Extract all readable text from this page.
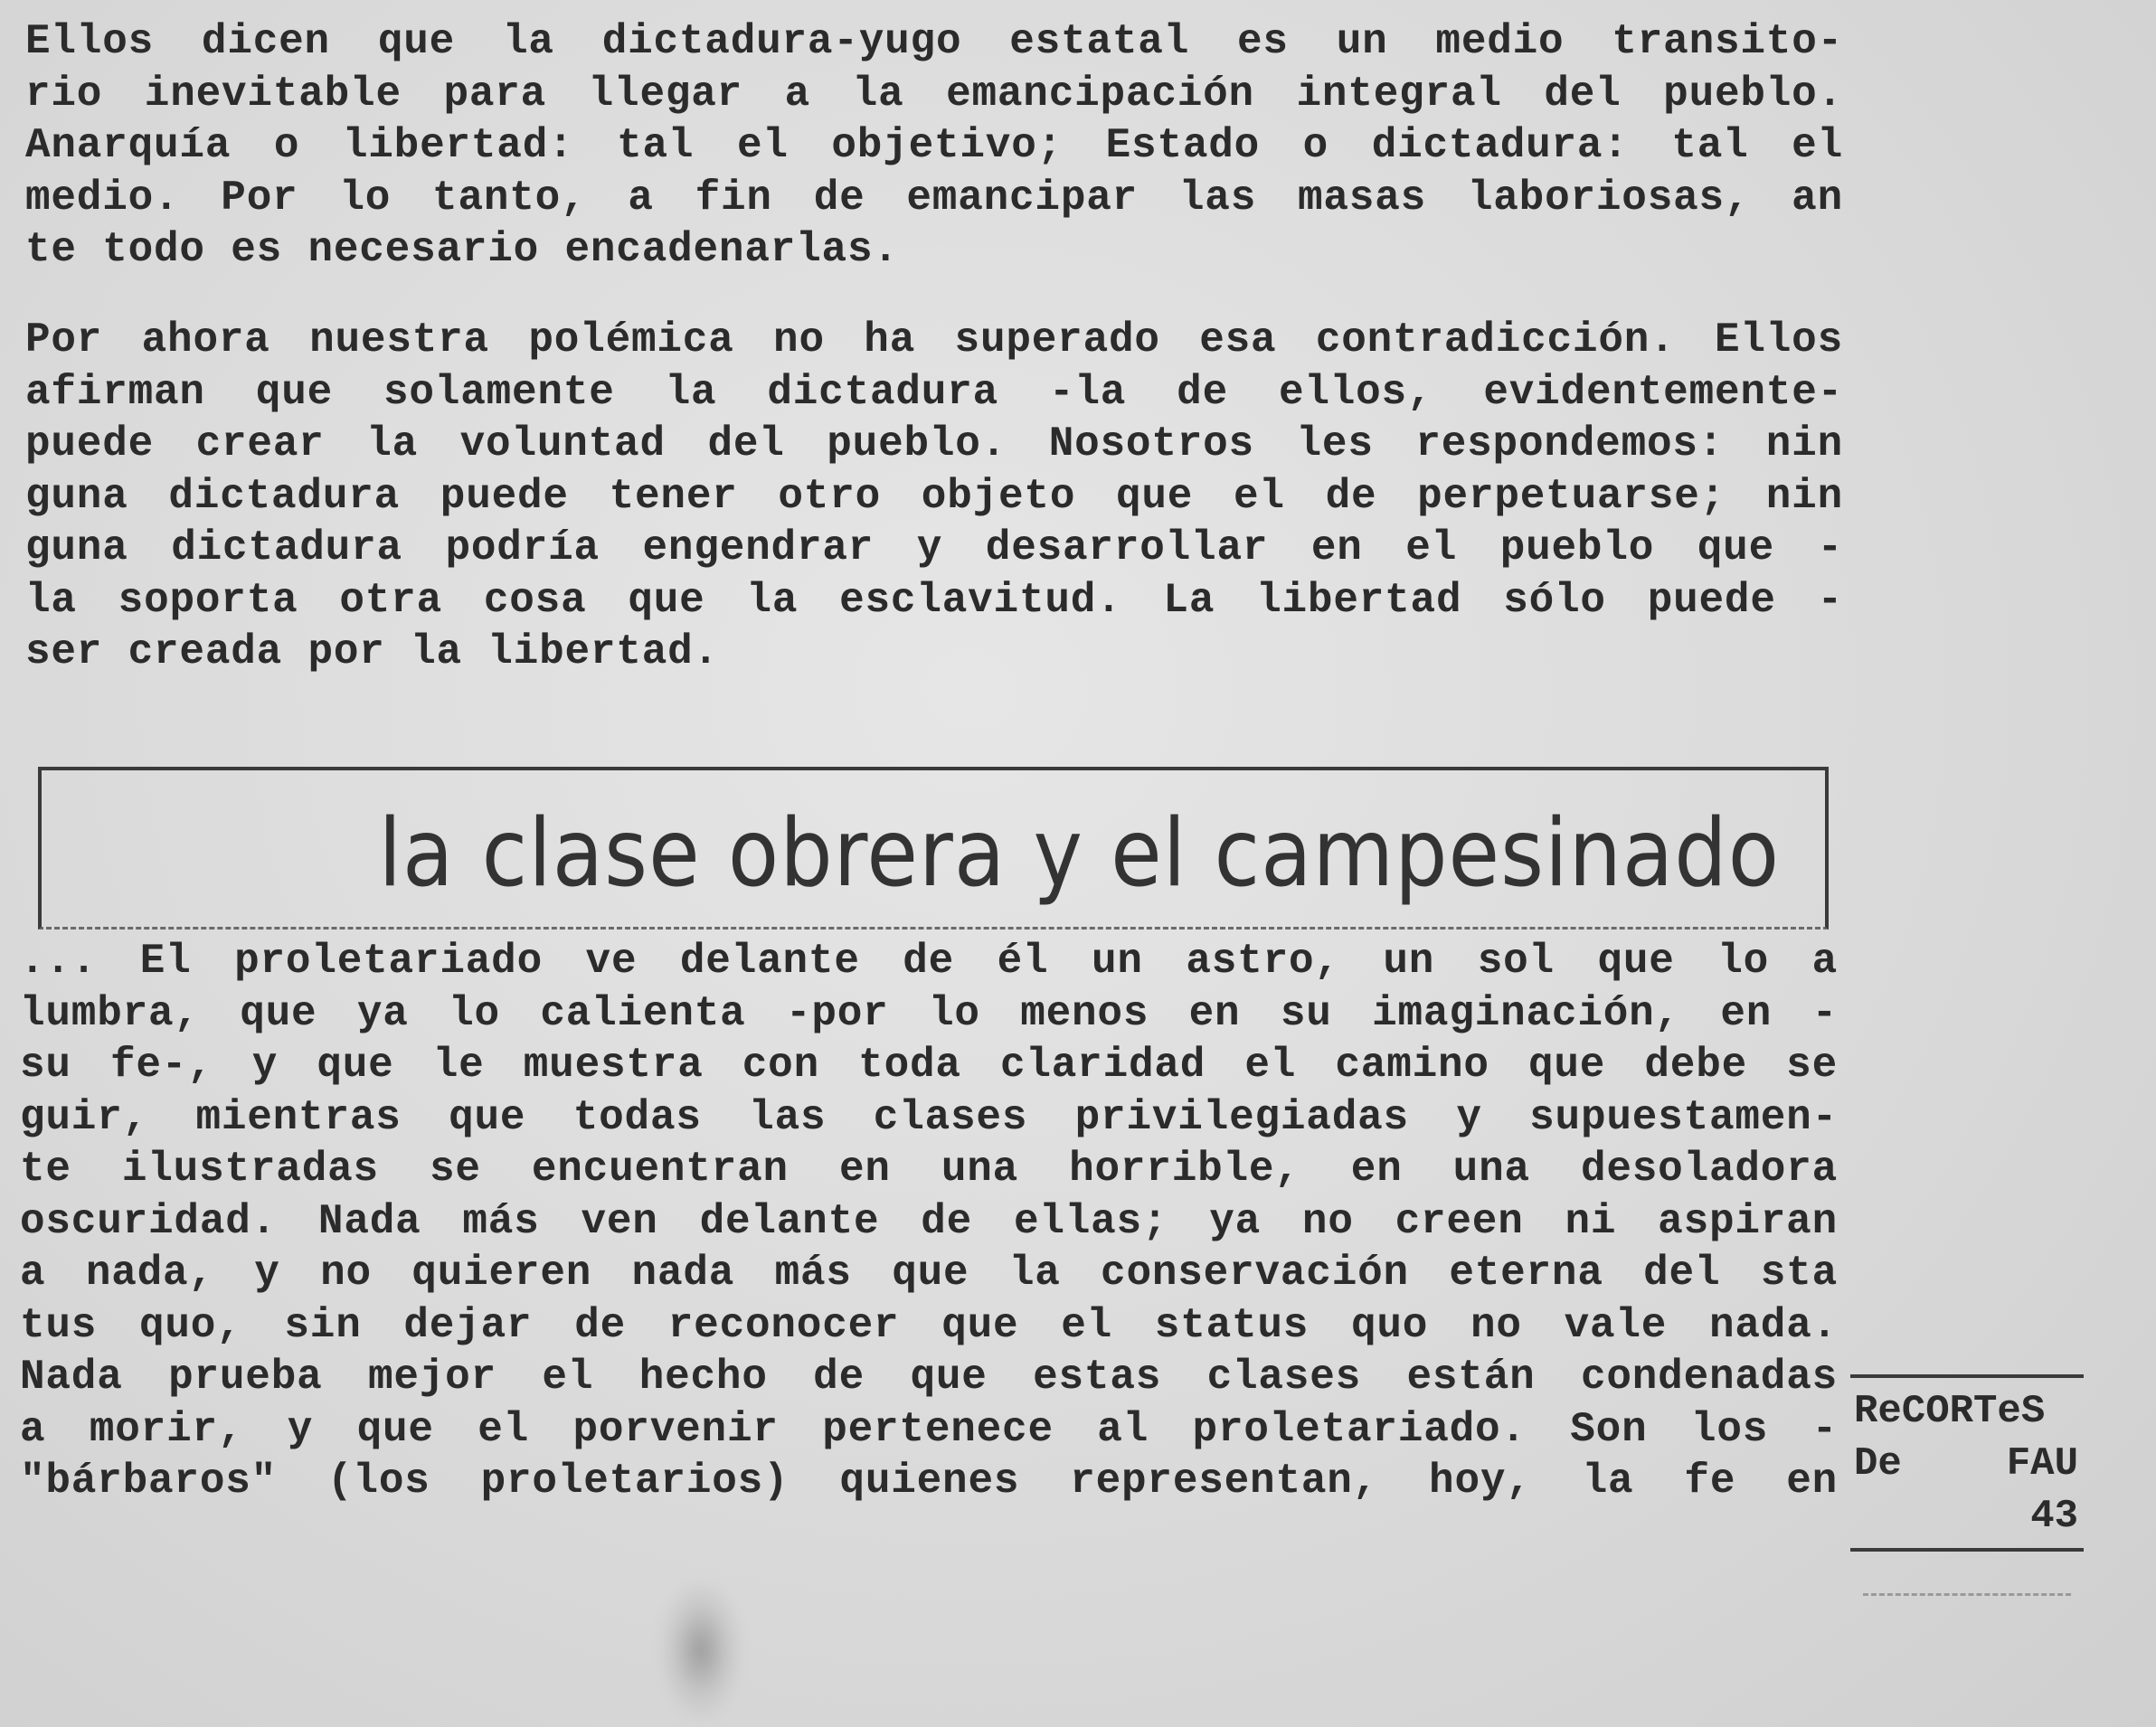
Ellos dicen que la dictadura-yugo estatal es un medio transito-
rio inevitable para llegar a la emancipación integral del pueblo.
Anarquía o libertad: tal el objetivo; Estado o dictadura: tal el
medio. Por lo tanto, a fin de emancipar las masas laboriosas, an
te todo es necesario encadenarlas.
Por ahora nuestra polémica no ha superado esa contradicción. Ellos
afirman que solamente la dictadura -la de ellos, evidentemente-
puede crear la voluntad del pueblo. Nosotros les respondemos: nin
guna dictadura puede tener otro objeto que el de perpetuarse; nin
guna dictadura podría engendrar y desarrollar en el pueblo que -
la soporta otra cosa que la esclavitud. La libertad sólo puede -
ser creada por la libertad.
la clase obrera y el campesinado
... El proletariado ve delante de él un astro, un sol que lo a
lumbra, que ya lo calienta -por lo menos en su imaginación, en -
su fe-, y que le muestra con toda claridad el camino que debe se
guir, mientras que todas las clases privilegiadas y supuestamen-
te ilustradas se encuentran en una horrible, en una desoladora
oscuridad. Nada más ven delante de ellas; ya no creen ni aspiran
a nada, y no quieren nada más que la conservación eterna del sta
tus quo, sin dejar de reconocer que el status quo no vale nada.
Nada prueba mejor el hecho de que estas clases están condenadas
a morir, y que el porvenir pertenece al proletariado. Son los -
"bárbaros" (los proletarios) quienes representan, hoy, la fe en
ReCORTeS
De	FAU
43
